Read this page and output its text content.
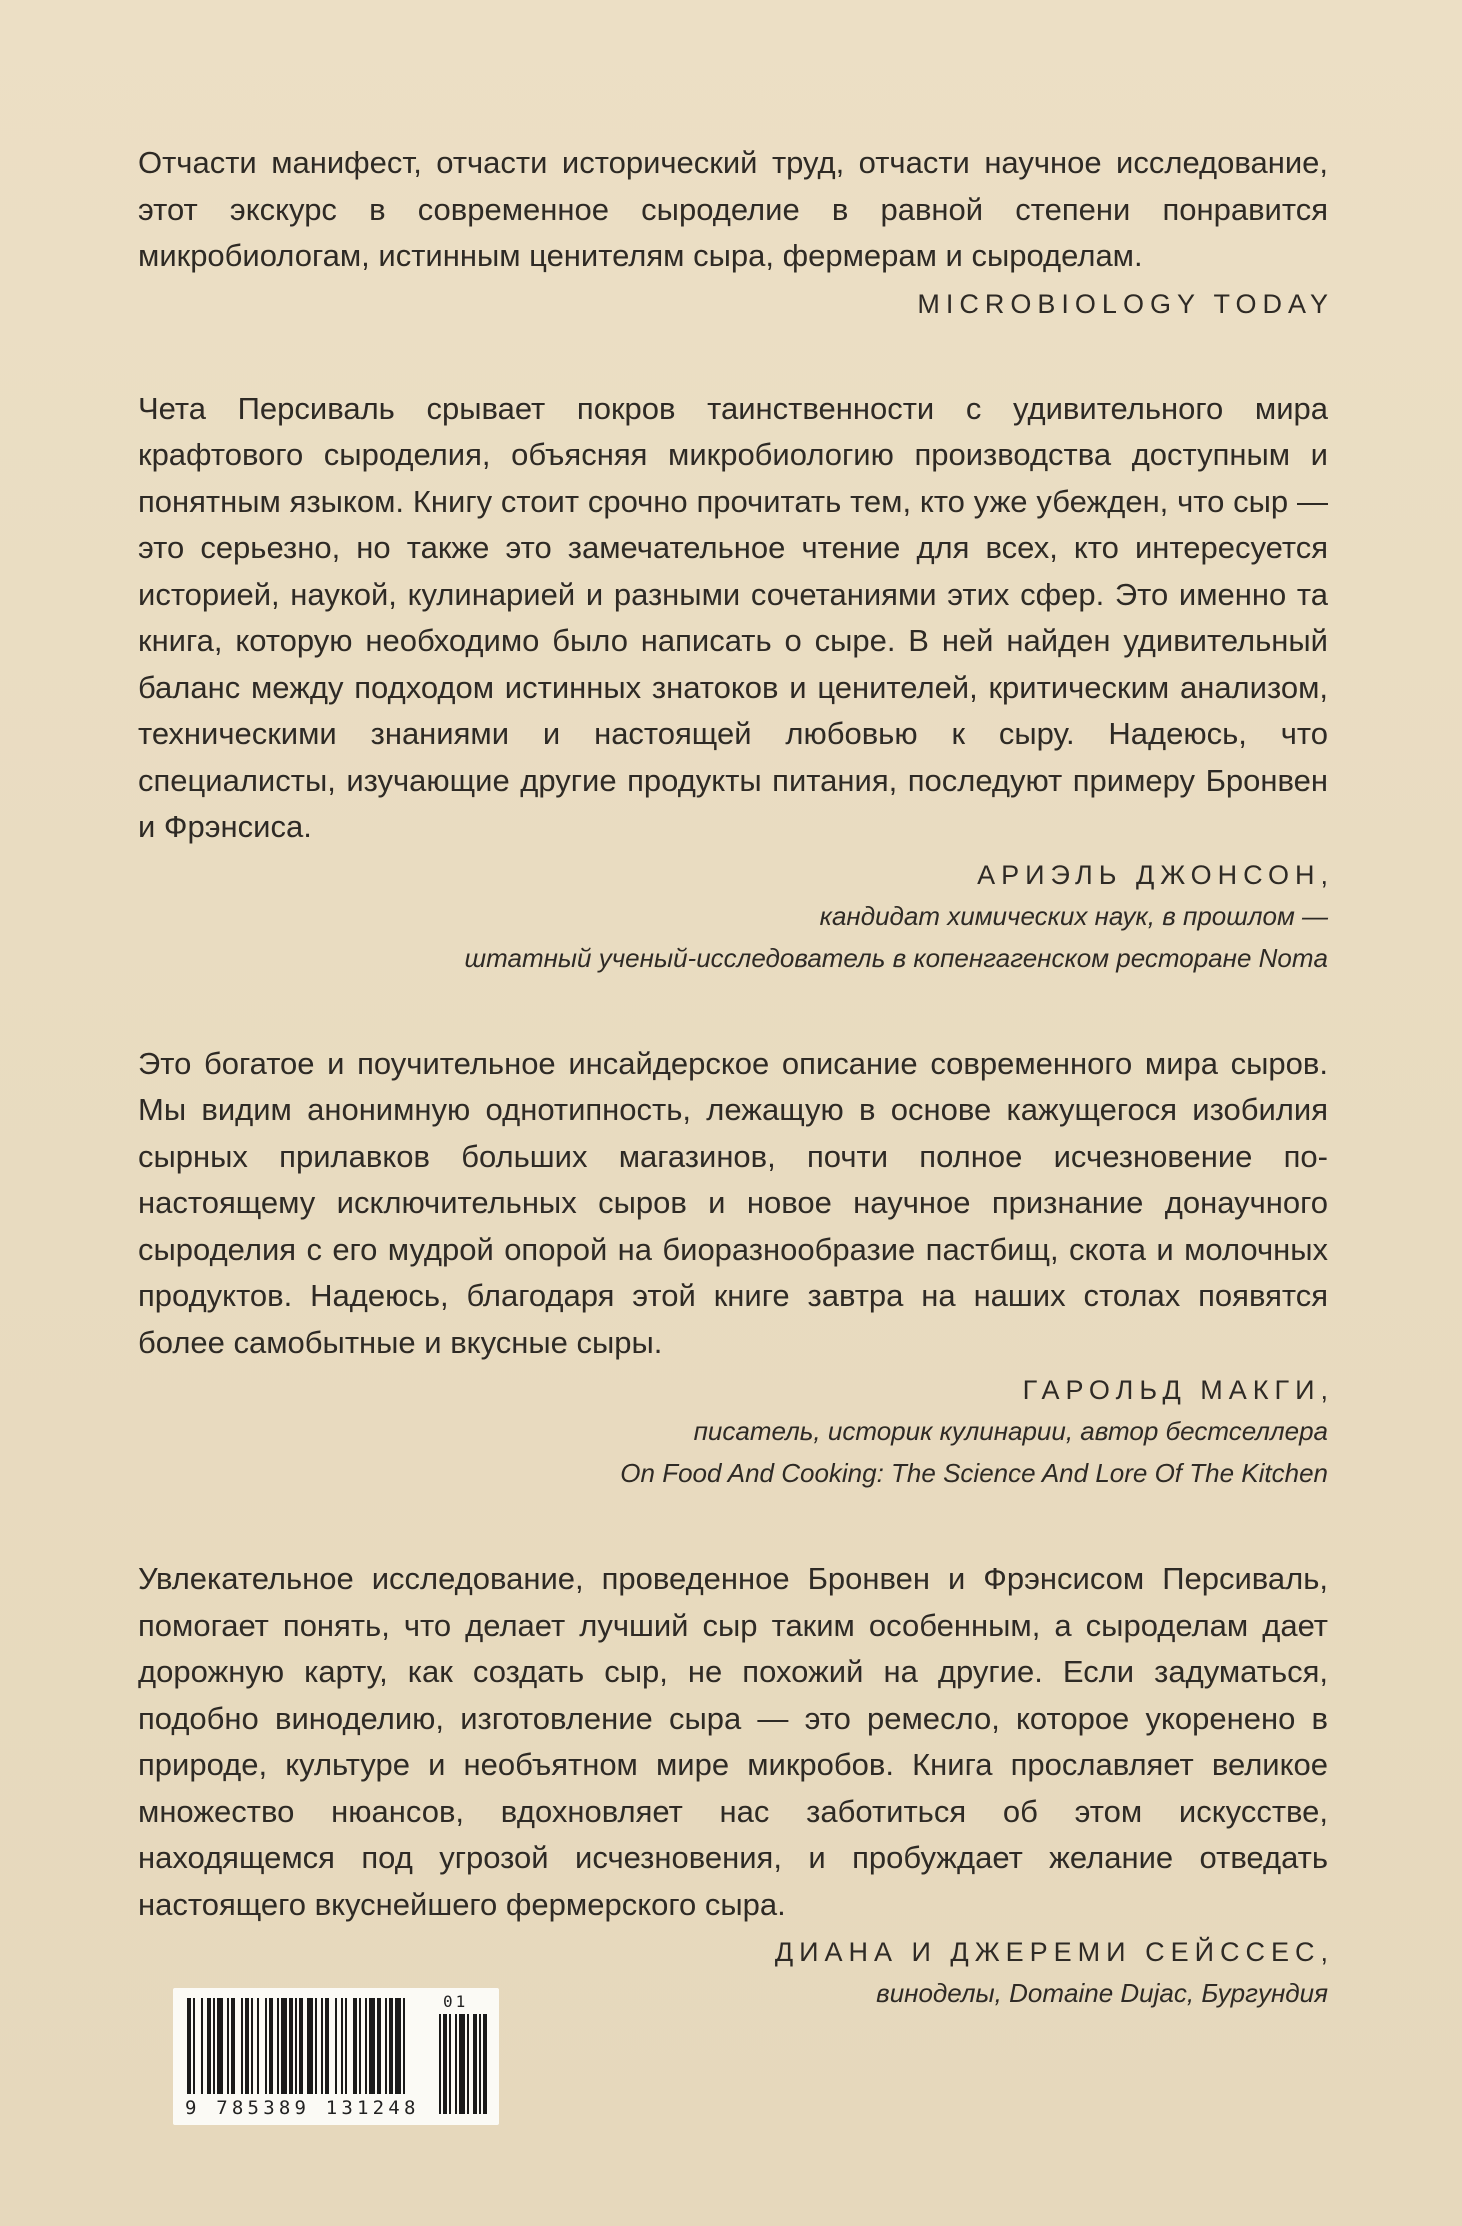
Отчасти манифест, отчасти исторический труд, отчасти научное исследование, этот экскурс в современное сыроделие в равной степени понравится микробиологам, истинным ценителям сыра, фермерам и сыроделам.

MICROBIOLOGY TODAY

Чета Персиваль срывает покров таинственности с удивительного мира крафтового сыроделия, объясняя микробиологию производства доступным и понятным языком. Книгу стоит срочно прочитать тем, кто уже убежден, что сыр — это серьезно, но также это замечательное чтение для всех, кто интересуется историей, наукой, кулинарией и разными сочетаниями этих сфер. Это именно та книга, которую необходимо было написать о сыре. В ней найден удивительный баланс между подходом истинных знатоков и ценителей, критическим анализом, техническими знаниями и настоящей любовью к сыру. Надеюсь, что специалисты, изучающие другие продукты питания, последуют примеру Бронвен и Фрэнсиса.

АРИЭЛЬ ДЖОНСОН,
кандидат химических наук, в прошлом —
штатный ученый-исследователь в копенгагенском ресторане Noma

Это богатое и поучительное инсайдерское описание современного мира сыров. Мы видим анонимную однотипность, лежащую в основе кажущегося изобилия сырных прилавков больших магазинов, почти полное исчезновение по-настоящему исключительных сыров и новое научное признание донаучного сыроделия с его мудрой опорой на биоразнообразие пастбищ, скота и молочных продуктов. Надеюсь, благодаря этой книге завтра на наших столах появятся более самобытные и вкусные сыры.

ГАРОЛЬД МАКГИ,
писатель, историк кулинарии, автор бестселлера
On Food And Cooking: The Science And Lore Of The Kitchen

Увлекательное исследование, проведенное Бронвен и Фрэнсисом Персиваль, помогает понять, что делает лучший сыр таким особенным, а сыроделам дает дорожную карту, как создать сыр, не похожий на другие. Если задуматься, подобно виноделию, изготовление сыра — это ремесло, которое укоренено в природе, культуре и необъятном мире микробов. Книга прославляет великое множество нюансов, вдохновляет нас заботиться об этом искусстве, находящемся под угрозой исчезновения, и пробуждает желание отведать настоящего вкуснейшего фермерского сыра.

ДИАНА И ДЖЕРЕМИ СЕЙССЕС,
виноделы, Domaine Dujac, Бургундия
01
9 785389 131248
